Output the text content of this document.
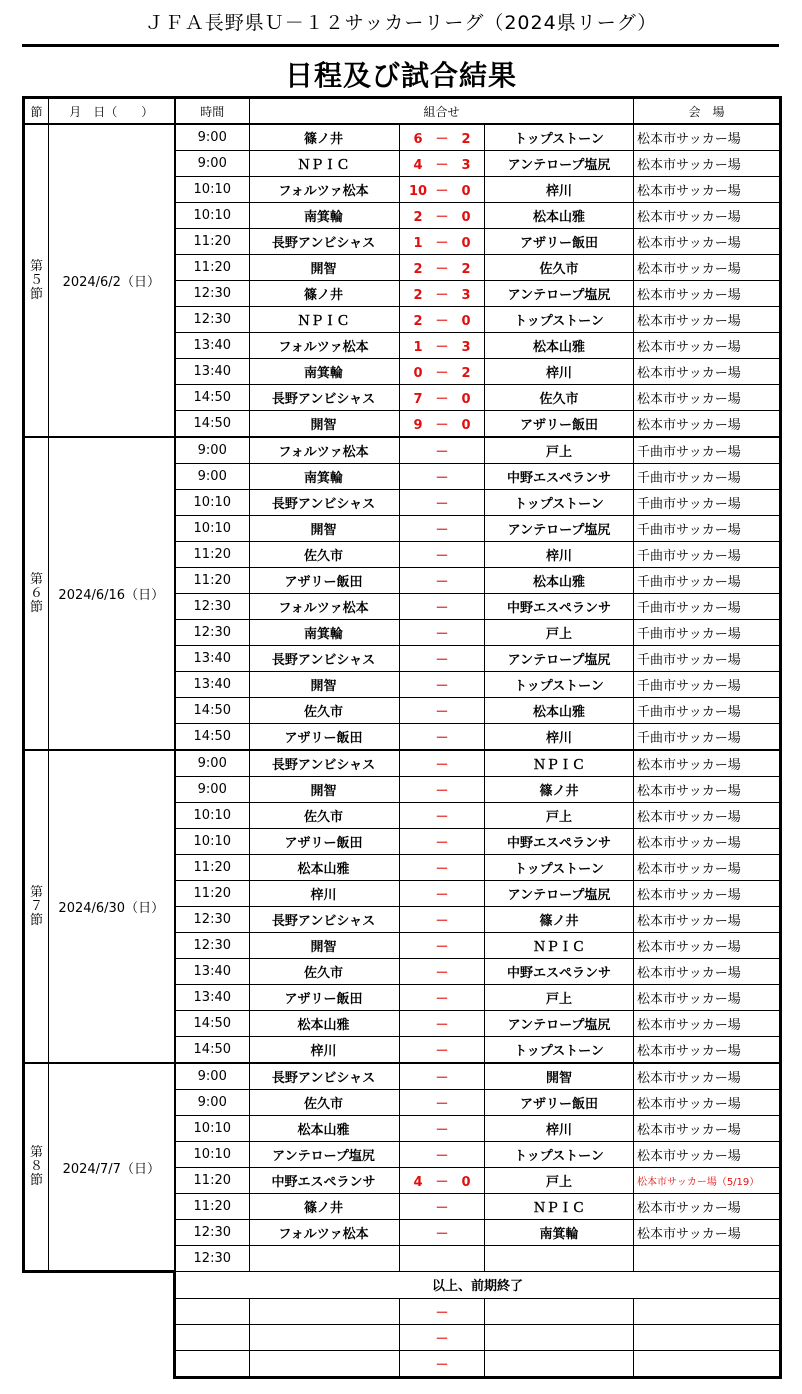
ＪＦＡ長野県Ｕ－１２サッカーリーグ（2024県リーグ）
日程及び試合結果
節	月　日（　　）	時間	組合せ			会　場
第５節	2024/6/2（日）	9:00	篠ノ井	6 － 2	トップストーン	松本市サッカー場
		9:00	ＮＰＩＣ	4 － 3	アンテロープ塩尻	松本市サッカー場
		10:10	フォルツァ松本	10 － 0	梓川	松本市サッカー場
		10:10	南箕輪	2 － 0	松本山雅	松本市サッカー場
		11:20	長野アンビシャス	1 － 0	アザリー飯田	松本市サッカー場
		11:20	開智	2 － 2	佐久市	松本市サッカー場
		12:30	篠ノ井	2 － 3	アンテロープ塩尻	松本市サッカー場
		12:30	ＮＰＩＣ	2 － 0	トップストーン	松本市サッカー場
		13:40	フォルツァ松本	1 － 3	松本山雅	松本市サッカー場
		13:40	南箕輪	0 － 2	梓川	松本市サッカー場
		14:50	長野アンビシャス	7 － 0	佐久市	松本市サッカー場
		14:50	開智	9 － 0	アザリー飯田	松本市サッカー場
第６節	2024/6/16（日）	9:00	フォルツァ松本	－	戸上	千曲市サッカー場
		9:00	南箕輪	－	中野エスペランサ	千曲市サッカー場
		10:10	長野アンビシャス	－	トップストーン	千曲市サッカー場
		10:10	開智	－	アンテロープ塩尻	千曲市サッカー場
		11:20	佐久市	－	梓川	千曲市サッカー場
		11:20	アザリー飯田	－	松本山雅	千曲市サッカー場
		12:30	フォルツァ松本	－	中野エスペランサ	千曲市サッカー場
		12:30	南箕輪	－	戸上	千曲市サッカー場
		13:40	長野アンビシャス	－	アンテロープ塩尻	千曲市サッカー場
		13:40	開智	－	トップストーン	千曲市サッカー場
		14:50	佐久市	－	松本山雅	千曲市サッカー場
		14:50	アザリー飯田	－	梓川	千曲市サッカー場
第７節	2024/6/30（日）	9:00	長野アンビシャス	－	ＮＰＩＣ	松本市サッカー場
		9:00	開智	－	篠ノ井	松本市サッカー場
		10:10	佐久市	－	戸上	松本市サッカー場
		10:10	アザリー飯田	－	中野エスペランサ	松本市サッカー場
		11:20	松本山雅	－	トップストーン	松本市サッカー場
		11:20	梓川	－	アンテロープ塩尻	松本市サッカー場
		12:30	長野アンビシャス	－	篠ノ井	松本市サッカー場
		12:30	開智	－	ＮＰＩＣ	松本市サッカー場
		13:40	佐久市	－	中野エスペランサ	松本市サッカー場
		13:40	アザリー飯田	－	戸上	松本市サッカー場
		14:50	松本山雅	－	アンテロープ塩尻	松本市サッカー場
		14:50	梓川	－	トップストーン	松本市サッカー場
第８節	2024/7/7（日）	9:00	長野アンビシャス	－	開智	松本市サッカー場
		9:00	佐久市	－	アザリー飯田	松本市サッカー場
		10:10	松本山雅	－	梓川	松本市サッカー場
		10:10	アンテロープ塩尻	－	トップストーン	松本市サッカー場
		11:20	中野エスペランサ	4 － 0	戸上	松本市サッカー場（5/19）
		11:20	篠ノ井	－	ＮＰＩＣ	松本市サッカー場
		12:30	フォルツァ松本	－	南箕輪	松本市サッカー場
		12:30				
		以上、前期終了				
				－		
				－		
				－		
